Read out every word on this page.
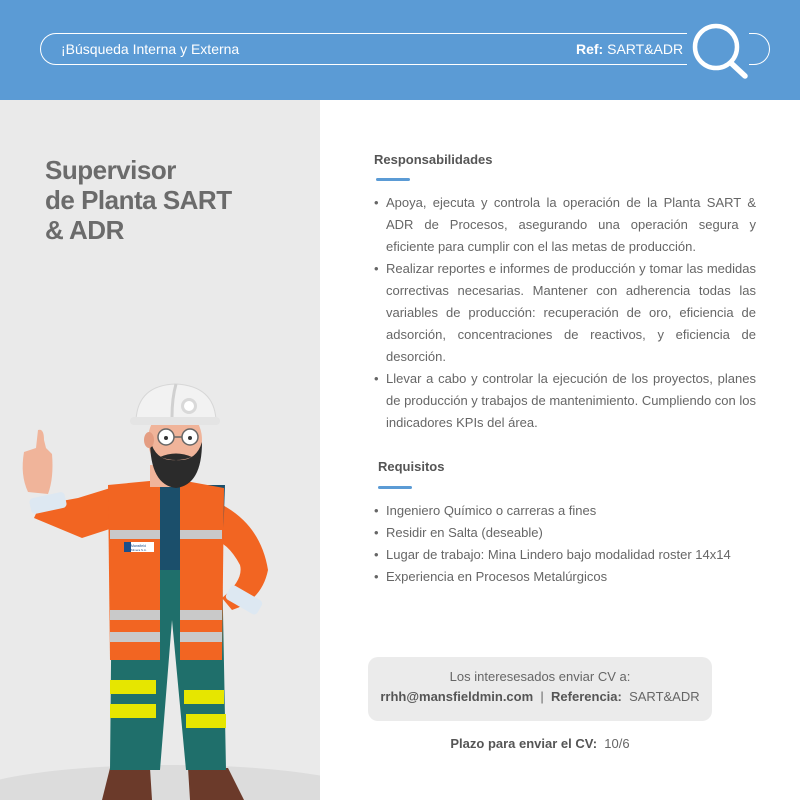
¡Búsqueda Interna y Externa	Ref: SART&ADR
Supervisor
de Planta SART
& ADR
Mansfield
Minera S.A.
Responsabilidades
• Apoya, ejecuta y controla la operación de la Planta SART & ADR de Procesos, asegurando una operación segura y eficiente para cumplir con el las metas de producción.
• Realizar reportes e informes de producción y tomar las medidas correctivas necesarias. Mantener con adherencia todas las variables de producción: recuperación de oro, eficiencia de adsorción, concentraciones de reactivos, y eficiencia de desorción.
• Llevar a cabo y controlar la ejecución de los proyectos, planes de producción y trabajos de mantenimiento. Cumpliendo con los indicadores KPIs del área.
Requisitos
• Ingeniero Químico o carreras a fines
• Residir en Salta (deseable)
• Lugar de trabajo: Mina Lindero bajo modalidad roster 14x14
• Experiencia en Procesos Metalúrgicos
Los interesesados enviar CV a:
rrhh@mansfieldmin.com | Referencia: SART&ADR
Plazo para enviar el CV: 10/6
